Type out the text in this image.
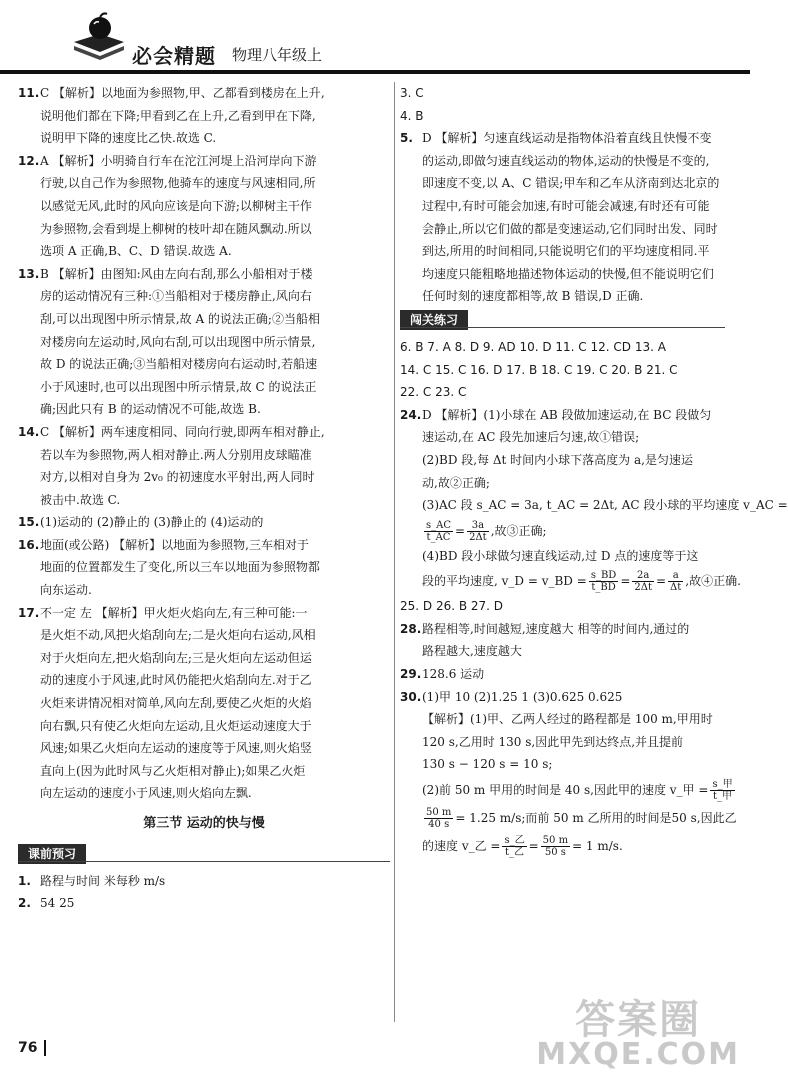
必会精题 物理八年级上
11. C 【解析】以地面为参照物,甲、乙都看到楼房在上升,
说明他们都在下降;甲看到乙在上升,乙看到甲在下降,
说明甲下降的速度比乙快.故选 C.
12. A 【解析】小明骑自行车在沱江河堤上沿河岸向下游
行驶,以自己作为参照物,他骑车的速度与风速相同,所
以感觉无风,此时的风向应该是向下游;以柳树主干作
为参照物,会看到堤上柳树的枝叶却在随风飘动.所以
选项 A 正确,B、C、D 错误.故选 A.
13. B 【解析】由图知:风由左向右刮,那么小船相对于楼
房的运动情况有三种:①当船相对于楼房静止,风向右
刮,可以出现图中所示情景,故 A 的说法正确;②当船相
对楼房向左运动时,风向右刮,可以出现图中所示情景,
故 D 的说法正确;③当船相对楼房向右运动时,若船速
小于风速时,也可以出现图中所示情景,故 C 的说法正
确;因此只有 B 的运动情况不可能,故选 B.
14. C 【解析】两车速度相同、同向行驶,即两车相对静止,
若以车为参照物,两人相对静止.两人分别用皮球瞄准
对方,以相对自身为 2v₀ 的初速度水平射出,两人同时
被击中.故选 C.
15. (1)运动的 (2)静止的 (3)静止的 (4)运动的
16. 地面(或公路) 【解析】以地面为参照物,三车相对于
地面的位置都发生了变化,所以三车以地面为参照物都
向东运动.
17. 不一定 左 【解析】甲火炬火焰向左,有三种可能:一
是火炬不动,风把火焰刮向左;二是火炬向右运动,风相
对于火炬向左,把火焰刮向左;三是火炬向左运动但运
动的速度小于风速,此时风仍能把火焰刮向左.对于乙
火炬来讲情况相对简单,风向左刮,要使乙火炬的火焰
向右飘,只有使乙火炬向左运动,且火炬运动速度大于
风速;如果乙火炬向左运动的速度等于风速,则火焰竖
直向上(因为此时风与乙火炬相对静止);如果乙火炬
向左运动的速度小于风速,则火焰向左飘.
第三节 运动的快与慢
课前预习
1. 路程与时间 米每秒 m/s
2. 54 25
3. C
4. B
5. D 【解析】匀速直线运动是指物体沿着直线且快慢不变
的运动,即做匀速直线运动的物体,运动的快慢是不变的,
即速度不变,以 A、C 错误;甲车和乙车从济南到达北京的
过程中,有时可能会加速,有时可能会减速,有时还有可能
会静止,所以它们做的都是变速运动,它们同时出发、同时
到达,所用的时间相同,只能说明它们的平均速度相同.平
均速度只能粗略地描述物体运动的快慢,但不能说明它们
任何时刻的速度都相等,故 B 错误,D 正确.
闯关练习
6. B 7. A 8. D 9. AD 10. D 11. C 12. CD 13. A
14. C 15. C 16. D 17. B 18. C 19. C 20. B 21. C
22. C 23. C
24. D 【解析】(1)小球在 AB 段做加速运动,在 BC 段做匀
速运动,在 AC 段先加速后匀速,故①错误;
(2)BD 段,每 Δt 时间内小球下落高度为 a,是匀速运
动,故②正确;
(3)AC 段 s_AC = 3a, t_AC = 2Δt, AC 段小球的平均速度 v_AC =
$\frac{s\_AC}{t\_AC} = \frac{3a}{2\Delta t}$ ,故③正确;
(4)BD 段小球做匀速直线运动,过 D 点的速度等于这
段的平均速度, v_D = v_BD = $\frac{s\_BD}{t\_BD} = \frac{2a}{2\Delta t} = \frac{a}{\Delta t}$ ,故④正确.
25. D 26. B 27. D
28. 路程相等,时间越短,速度越大 相等的时间内,通过的
路程越大,速度越大
29. 128.6 运动
30. (1)甲 10 (2)1.25 1 (3)0.625 0.625
【解析】(1)甲、乙两人经过的路程都是 100 m,甲用时
120 s,乙用时 130 s,因此甲先到达终点,并且提前
130 s − 120 s = 10 s;
(2)前 50 m 甲用的时间是 40 s,因此甲的速度 v_甲 = $\frac{\text{s\_甲}}{\text{t\_甲}}$
$\frac{50 m}{40 s} = 1.25$ m/s;而前 50 m 乙所用的时间是50 s,因此乙
的速度 v_乙 = $\frac{\text{s\_乙}}{\text{t\_乙}} = \frac{50 m}{50 s} = 1$ m/s.
76
答案圈
MXQE.COM
